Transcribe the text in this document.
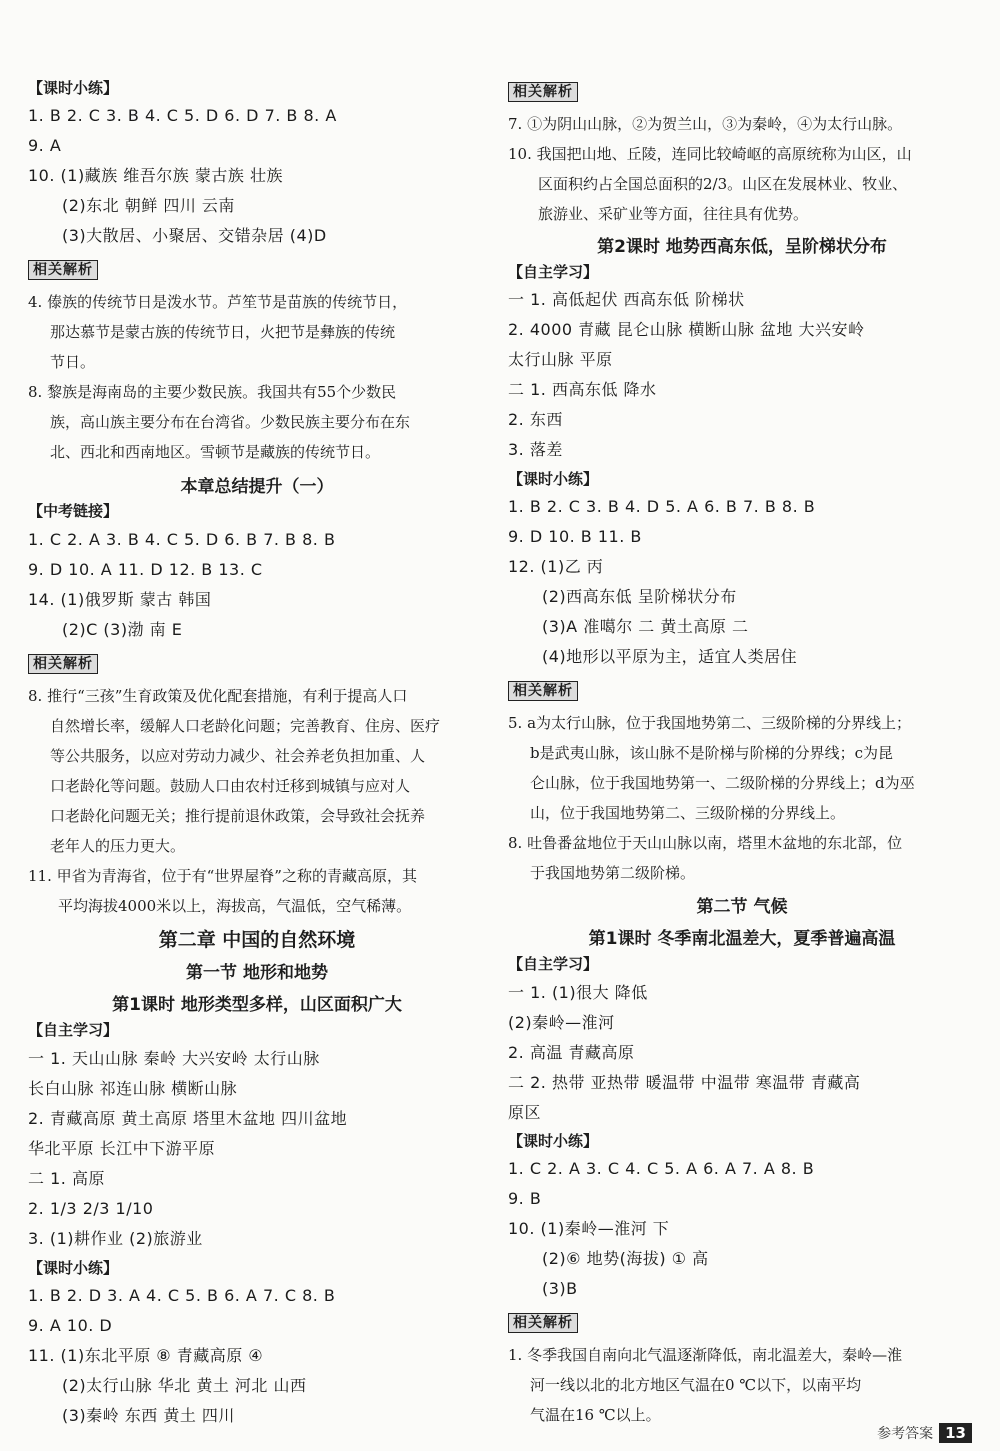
【课时小练】
1. B 2. C 3. B 4. C 5. D 6. D 7. B 8. A
9. A
10. (1)藏族 维吾尔族 蒙古族 壮族
(2)东北 朝鲜 四川 云南
(3)大散居、小聚居、交错杂居 (4)D
相关解析
4. 傣族的传统节日是泼水节。芦笙节是苗族的传统节日，
那达慕节是蒙古族的传统节日，火把节是彝族的传统
节日。
8. 黎族是海南岛的主要少数民族。我国共有55个少数民
族，高山族主要分布在台湾省。少数民族主要分布在东
北、西北和西南地区。雪顿节是藏族的传统节日。
本章总结提升（一）
【中考链接】
1. C 2. A 3. B 4. C 5. D 6. B 7. B 8. B
9. D 10. A 11. D 12. B 13. C
14. (1)俄罗斯 蒙古 韩国
(2)C (3)渤 南 E
相关解析
8. 推行“三孩”生育政策及优化配套措施，有利于提高人口
自然增长率，缓解人口老龄化问题；完善教育、住房、医疗
等公共服务，以应对劳动力减少、社会养老负担加重、人
口老龄化等问题。鼓励人口由农村迁移到城镇与应对人
口老龄化问题无关；推行提前退休政策，会导致社会抚养
老年人的压力更大。
11. 甲省为青海省，位于有“世界屋脊”之称的青藏高原，其
平均海拔4000米以上，海拔高，气温低，空气稀薄。
第二章 中国的自然环境
第一节 地形和地势
第1课时 地形类型多样，山区面积广大
【自主学习】
一 1. 天山山脉 秦岭 大兴安岭 太行山脉
长白山脉 祁连山脉 横断山脉
2. 青藏高原 黄土高原 塔里木盆地 四川盆地
华北平原 长江中下游平原
二 1. 高原
2. 1/3 2/3 1/10
3. (1)耕作业 (2)旅游业
【课时小练】
1. B 2. D 3. A 4. C 5. B 6. A 7. C 8. B
9. A 10. D
11. (1)东北平原 ⑧ 青藏高原 ④
(2)太行山脉 华北 黄土 河北 山西
(3)秦岭 东西 黄土 四川
相关解析
7. ①为阴山山脉，②为贺兰山，③为秦岭，④为太行山脉。
10. 我国把山地、丘陵，连同比较崎岖的高原统称为山区，山
区面积约占全国总面积的2/3。山区在发展林业、牧业、
旅游业、采矿业等方面，往往具有优势。
第2课时 地势西高东低，呈阶梯状分布
【自主学习】
一 1. 高低起伏 西高东低 阶梯状
2. 4000 青藏 昆仑山脉 横断山脉 盆地 大兴安岭
太行山脉 平原
二 1. 西高东低 降水
2. 东西
3. 落差
【课时小练】
1. B 2. C 3. B 4. D 5. A 6. B 7. B 8. B
9. D 10. B 11. B
12. (1)乙 丙
(2)西高东低 呈阶梯状分布
(3)A 准噶尔 二 黄土高原 二
(4)地形以平原为主，适宜人类居住
相关解析
5. a为太行山脉，位于我国地势第二、三级阶梯的分界线上；
b是武夷山脉，该山脉不是阶梯与阶梯的分界线；c为昆
仑山脉，位于我国地势第一、二级阶梯的分界线上；d为巫
山，位于我国地势第二、三级阶梯的分界线上。
8. 吐鲁番盆地位于天山山脉以南，塔里木盆地的东北部，位
于我国地势第二级阶梯。
第二节 气候
第1课时 冬季南北温差大，夏季普遍高温
【自主学习】
一 1. (1)很大 降低
(2)秦岭—淮河
2. 高温 青藏高原
二 2. 热带 亚热带 暖温带 中温带 寒温带 青藏高
原区
【课时小练】
1. C 2. A 3. C 4. C 5. A 6. A 7. A 8. B
9. B
10. (1)秦岭—淮河 下
(2)⑥ 地势(海拔) ① 高
(3)B
相关解析
1. 冬季我国自南向北气温逐渐降低，南北温差大，秦岭—淮
河一线以北的北方地区气温在0 ℃以下，以南平均
气温在16 ℃以上。
参考答案 13
